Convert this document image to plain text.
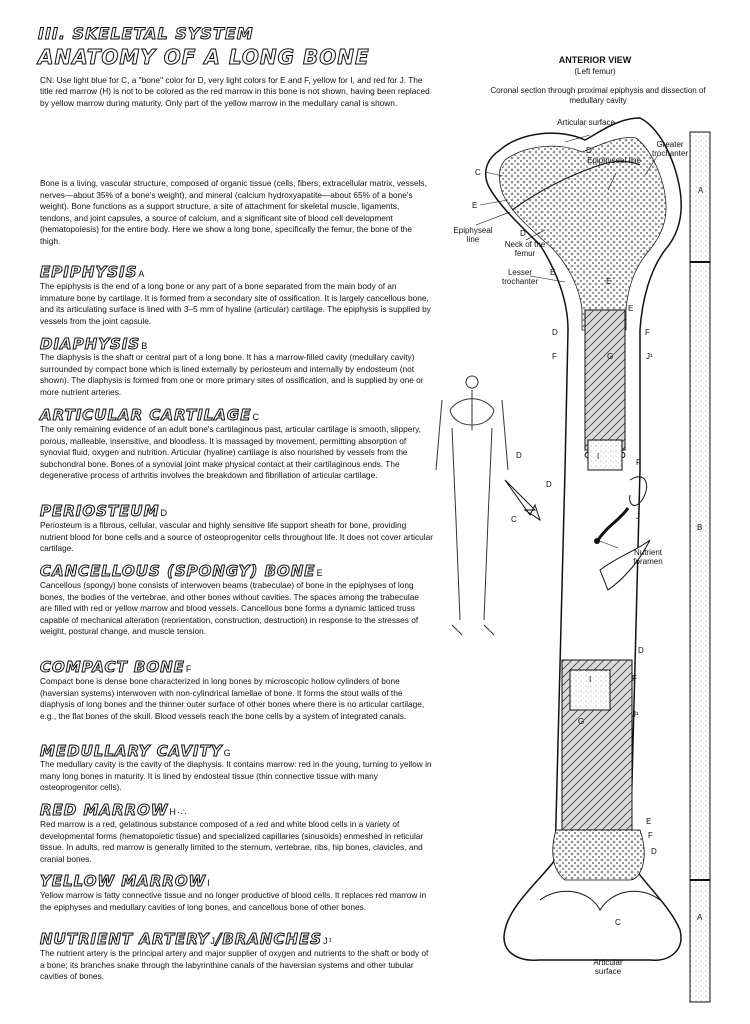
III. SKELETAL SYSTEM
ANATOMY OF A LONG BONE

CN: Use light blue for C, a "bone" color for D, very light colors for E and F, yellow for I, and red for J. The title red marrow (H) is not to be colored as the red marrow in this bone is not shown, having been replaced by yellow marrow during maturity. Only part of the yellow marrow in the medullary canal is shown.

Bone is a living, vascular structure, composed of organic tissue (cells, fibers, extracellular matrix, vessels, nerves—about 35% of a bone's weight), and mineral (calcium hydroxyapatite—about 65% of a bone's weight). Bone functions as a support structure, a site of attachment for skeletal muscle, ligaments, tendons, and joint capsules, a source of calcium, and a significant site of blood cell development (hematopoiesis) for the entire body. Here we show a long bone, specifically the femur, the bone of the thigh.

EPIPHYSISA

The epiphysis is the end of a long bone or any part of a bone separated from the main body of an immature bone by cartilage. It is formed from a secondary site of ossification. It is largely cancellous bone, and its articulating surface is lined with 3–5 mm of hyaline (articular) cartilage. The epiphysis is supplied by vessels from the joint capsule.

DIAPHYSISB

The diaphysis is the shaft or central part of a long bone. It has a marrow-filled cavity (medullary cavity) surrounded by compact bone which is lined externally by periosteum and internally by endosteum (not shown). The diaphysis is formed from one or more primary sites of ossification, and is supplied by one or more nutrient arteries.

ARTICULAR CARTILAGEC

The only remaining evidence of an adult bone's cartilaginous past, articular cartilage is smooth, slippery, porous, malleable, insensitive, and bloodless. It is massaged by movement, permitting absorption of synovial fluid, oxygen and nutrition. Articular (hyaline) cartilage is also nourished by vessels from the subchondral bone. Bones of a synovial joint make physical contact at their cartilaginous ends. The degenerative process of arthritis involves the breakdown and fibrillation of articular cartilage.

PERIOSTEUMD

Periosteum is a fibrous, cellular, vascular and highly sensitive life support sheath for bone, providing nutrient blood for bone cells and a source of osteoprogenitor cells throughout life. It does not cover articular cartilage.

CANCELLOUS (SPONGY) BONEE

Cancellous (spongy) bone consists of interwoven beams (trabeculae) of bone in the epiphyses of long bones, the bodies of the vertebrae, and other bones without cavities. The spaces among the trabeculae are filled with red or yellow marrow and blood vessels. Cancellous bone forms a dynamic latticed truss capable of mechanical alteration (reorientation, construction, destruction) in response to the stresses of weight, postural change, and muscle tension.

COMPACT BONEF

Compact bone is dense bone characterized in long bones by microscopic hollow cylinders of bone (haversian systems) interwoven with non-cylindrical lamellae of bone. It forms the stout walls of the diaphysis of long bones and the thinner outer surface of other bones where there is no articular cartilage, e.g., the flat bones of the skull. Blood vessels reach the bone cells by a system of integrated canals.

MEDULLARY CAVITYG

The medullary cavity is the cavity of the diaphysis. It contains marrow: red in the young, turning to yellow in many long bones in maturity. It is lined by endosteal tissue (thin connective tissue with many osteoprogenitor cells).

RED MARROWH·∴

Red marrow is a red, gelatinous substance composed of a red and white blood cells in a variety of developmental forms (hematopoietic tissue) and specialized capillaries (sinusoids) enmeshed in reticular tissue. In adults, red marrow is generally limited to the sternum, vertebrae, ribs, hip bones, clavicles, and cranial bones.

YELLOW MARROWI

Yellow marrow is fatty connective tissue and no longer productive of blood cells. It replaces red marrow in the epiphyses and medullary cavities of long bones, and cancellous bone of other bones.

NUTRIENT ARTERYJ/BRANCHESJ¹

The nutrient artery is the principal artery and major supplier of oxygen and nutrients to the shaft or body of a bone; its branches snake through the labyrinthine canals of the haversian systems and other tubular cavities of bones.

ANTERIOR VIEW
(Left femur)
Coronal section through proximal epiphysis and dissection of medullary cavity
Articular surface
Greater trochanter
Epiphyseal line
Epiphyseal line
Neck of the femur
Lesser trochanter
Nutrient foramen
Articular surface
D
C
E
D
E
E
E
F
D
F	G	J¹
I
F
D
J
D
F
I
G
J¹
E
F
D
C
D
C
A
B
A
